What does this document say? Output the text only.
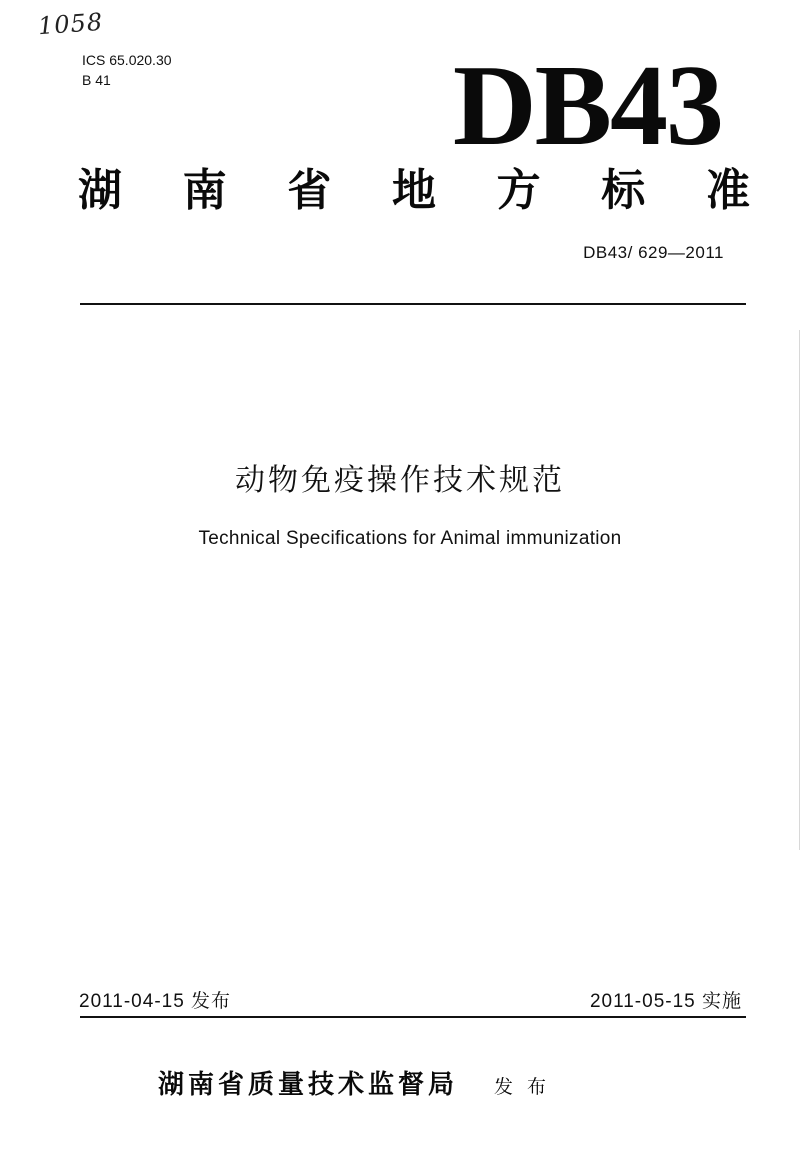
1058
ICS 65.020.30
B 41	DB43
湖 南 省 地 方 标 准
DB43/ 629—2011
动物免疫操作技术规范
Technical Specifications for Animal immunization
2011-04-15 发布	2011-05-15 实施
湖南省质量技术监督局 发 布
